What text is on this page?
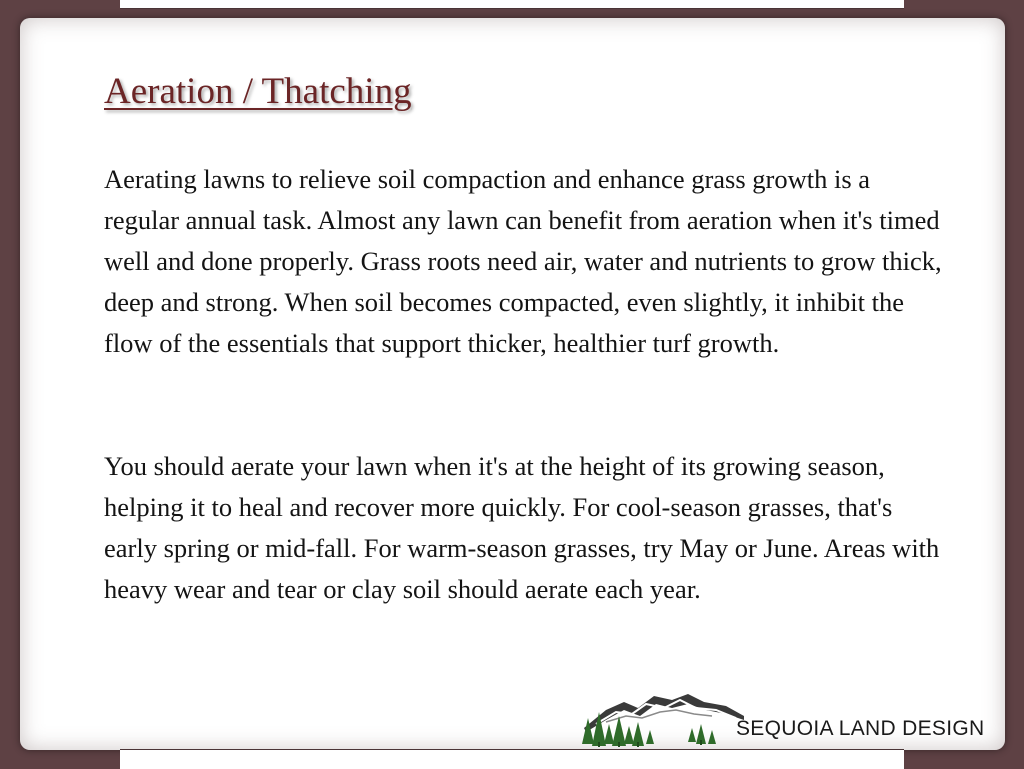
Aeration / Thatching

Aerating lawns to relieve soil compaction and enhance grass growth is a regular annual task. Almost any lawn can benefit from aeration when it's timed well and done properly. Grass roots need air, water and nutrients to grow thick, deep and strong. When soil becomes compacted, even slightly, it inhibit the flow of the essentials that support thicker, healthier turf growth.

You should aerate your lawn when it's at the height of its growing season, helping it to heal and recover more quickly. For cool-season grasses, that's early spring or mid-fall. For warm-season grasses, try May or June. Areas with heavy wear and tear or clay soil should aerate each year.

SEQUOIA LAND DESIGN
